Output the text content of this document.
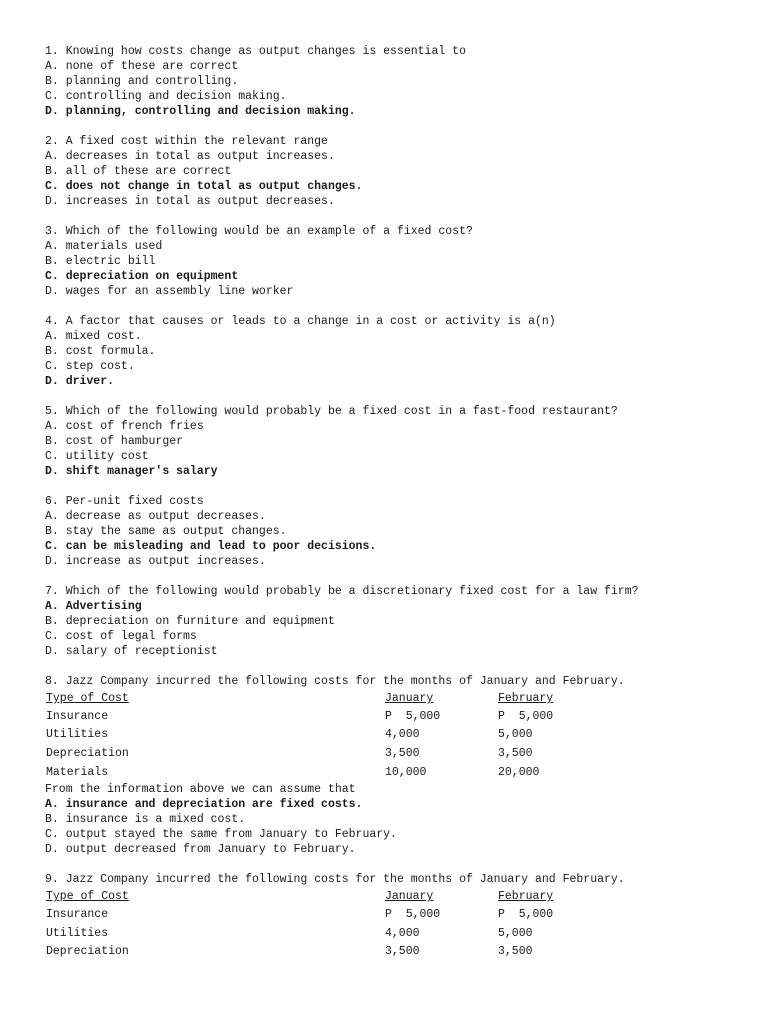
1. Knowing how costs change as output changes is essential to
A. none of these are correct
B. planning and controlling.
C. controlling and decision making.
D. planning, controlling and decision making.
2. A fixed cost within the relevant range
A. decreases in total as output increases.
B. all of these are correct
C. does not change in total as output changes.
D. increases in total as output decreases.
3. Which of the following would be an example of a fixed cost?
A. materials used
B. electric bill
C. depreciation on equipment
D. wages for an assembly line worker
4. A factor that causes or leads to a change in a cost or activity is a(n)
A. mixed cost.
B. cost formula.
C. step cost.
D. driver.
5. Which of the following would probably be a fixed cost in a fast-food restaurant?
A. cost of french fries
B. cost of hamburger
C. utility cost
D. shift manager's salary
6. Per-unit fixed costs
A. decrease as output decreases.
B. stay the same as output changes.
C. can be misleading and lead to poor decisions.
D. increase as output increases.
7. Which of the following would probably be a discretionary fixed cost for a law firm?
A. Advertising
B. depreciation on furniture and equipment
C. cost of legal forms
D. salary of receptionist
8. Jazz Company incurred the following costs for the months of January and February.
Type of Cost	January	February
Insurance	P  5,000	P  5,000
Utilities	4,000	5,000
Depreciation	3,500	3,500
Materials	10,000	20,000
From the information above we can assume that
A. insurance and depreciation are fixed costs.
B. insurance is a mixed cost.
C. output stayed the same from January to February.
D. output decreased from January to February.
9. Jazz Company incurred the following costs for the months of January and February.
Type of Cost	January	February
Insurance	P  5,000	P  5,000
Utilities	4,000	5,000
Depreciation	3,500	3,500
